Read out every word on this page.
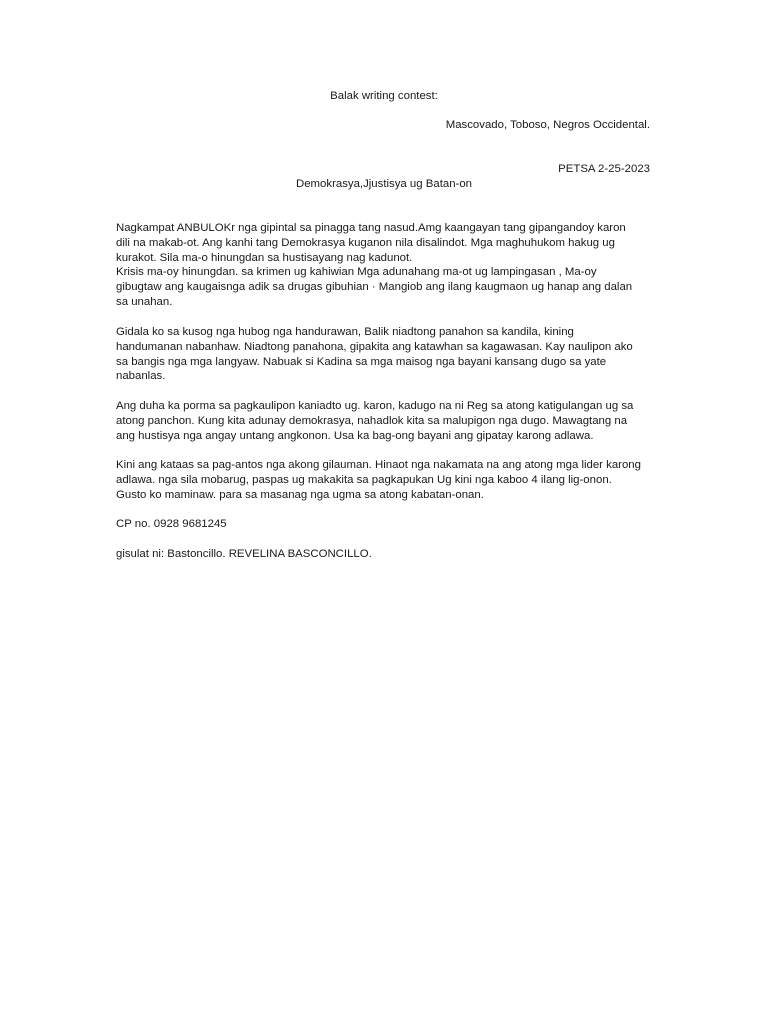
Balak writing contest:
Mascovado, Toboso, Negros Occidental.
PETSA 2-25-2023
Demokrasya,Jjustisya ug Batan-on
Nagkampat ANBULOKr nga gipintal sa pinagga tang nasud.Amg kaangayan tang gipangandoy karon
dili na makab-ot. Ang kanhi tang Demokrasya kuganon nila disalindot. Mga maghuhukom hakug ug
kurakot. Sila ma-o hinungdan sa hustisayang nag kadunot.
Krisis ma-oy hinungdan. sa krimen ug kahiwian Mga adunahang ma-ot ug lampingasan , Ma-oy
gibugtaw ang kaugaisnga adik sa drugas gibuhian · Mangiob ang ilang kaugmaon ug hanap ang dalan
sa unahan.
Gidala ko sa kusog nga hubog nga handurawan, Balik niadtong panahon sa kandila, kining
handumanan nabanhaw. Niadtong panahona, gipakita ang katawhan sa kagawasan. Kay naulipon ako
sa bangis nga mga langyaw. Nabuak si Kadina sa mga maisog nga bayani kansang dugo sa yate
nabanlas.
Ang duha ka porma sa pagkaulipon kaniadto ug. karon, kadugo na ni Reg sa atong katigulangan ug sa
atong panchon. Kung kita adunay demokrasya, nahadlok kita sa malupigon nga dugo. Mawagtang na
ang hustisya nga angay untang angkonon. Usa ka bag-ong bayani ang gipatay karong adlawa.
Kini ang kataas sa pag-antos nga akong gilauman. Hinaot nga nakamata na ang atong mga lider karong
adlawa. nga sila mobarug, paspas ug makakita sa pagkapukan Ug kini nga kaboo 4 ilang lig-onon.
Gusto ko maminaw. para sa masanag nga ugma sa atong kabatan-onan.
CP no. 0928 9681245
gisulat ni: Bastoncillo. REVELINA BASCONCILLO.
